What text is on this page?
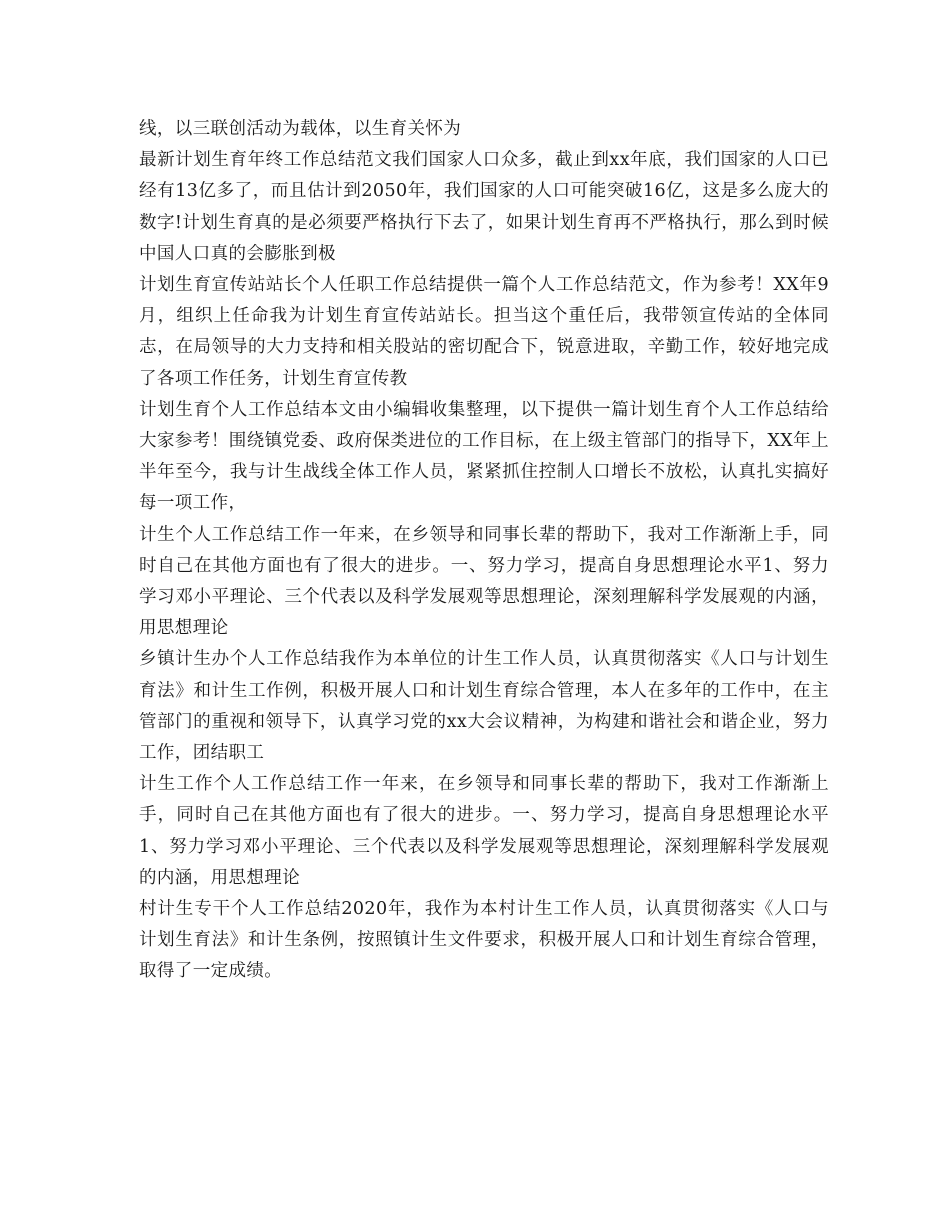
线，以三联创活动为载体，以生育关怀为

最新计划生育年终工作总结范文我们国家人口众多，截止到xx年底，我们国家的人口已经有13亿多了，而且估计到2050年，我们国家的人口可能突破16亿，这是多么庞大的数字!计划生育真的是必须要严格执行下去了，如果计划生育再不严格执行，那么到时候中国人口真的会膨胀到极

计划生育宣传站站长个人任职工作总结提供一篇个人工作总结范文，作为参考！XX年9月，组织上任命我为计划生育宣传站站长。担当这个重任后，我带领宣传站的全体同志，在局领导的大力支持和相关股站的密切配合下，锐意进取，辛勤工作，较好地完成了各项工作任务，计划生育宣传教

计划生育个人工作总结本文由小编辑收集整理，以下提供一篇计划生育个人工作总结给大家参考！围绕镇党委、政府保类进位的工作目标，在上级主管部门的指导下，XX年上半年至今，我与计生战线全体工作人员，紧紧抓住控制人口增长不放松，认真扎实搞好每一项工作，

计生个人工作总结工作一年来，在乡领导和同事长辈的帮助下，我对工作渐渐上手，同时自己在其他方面也有了很大的进步。一、努力学习，提高自身思想理论水平1、努力学习邓小平理论、三个代表以及科学发展观等思想理论，深刻理解科学发展观的内涵，用思想理论

乡镇计生办个人工作总结我作为本单位的计生工作人员，认真贯彻落实《人口与计划生育法》和计生工作例，积极开展人口和计划生育综合管理，本人在多年的工作中，在主管部门的重视和领导下，认真学习党的xx大会议精神，为构建和谐社会和谐企业，努力工作，团结职工

计生工作个人工作总结工作一年来，在乡领导和同事长辈的帮助下，我对工作渐渐上手，同时自己在其他方面也有了很大的进步。一、努力学习，提高自身思想理论水平1、努力学习邓小平理论、三个代表以及科学发展观等思想理论，深刻理解科学发展观的内涵，用思想理论

村计生专干个人工作总结2020年，我作为本村计生工作人员，认真贯彻落实《人口与计划生育法》和计生条例，按照镇计生文件要求，积极开展人口和计划生育综合管理，取得了一定成绩。
